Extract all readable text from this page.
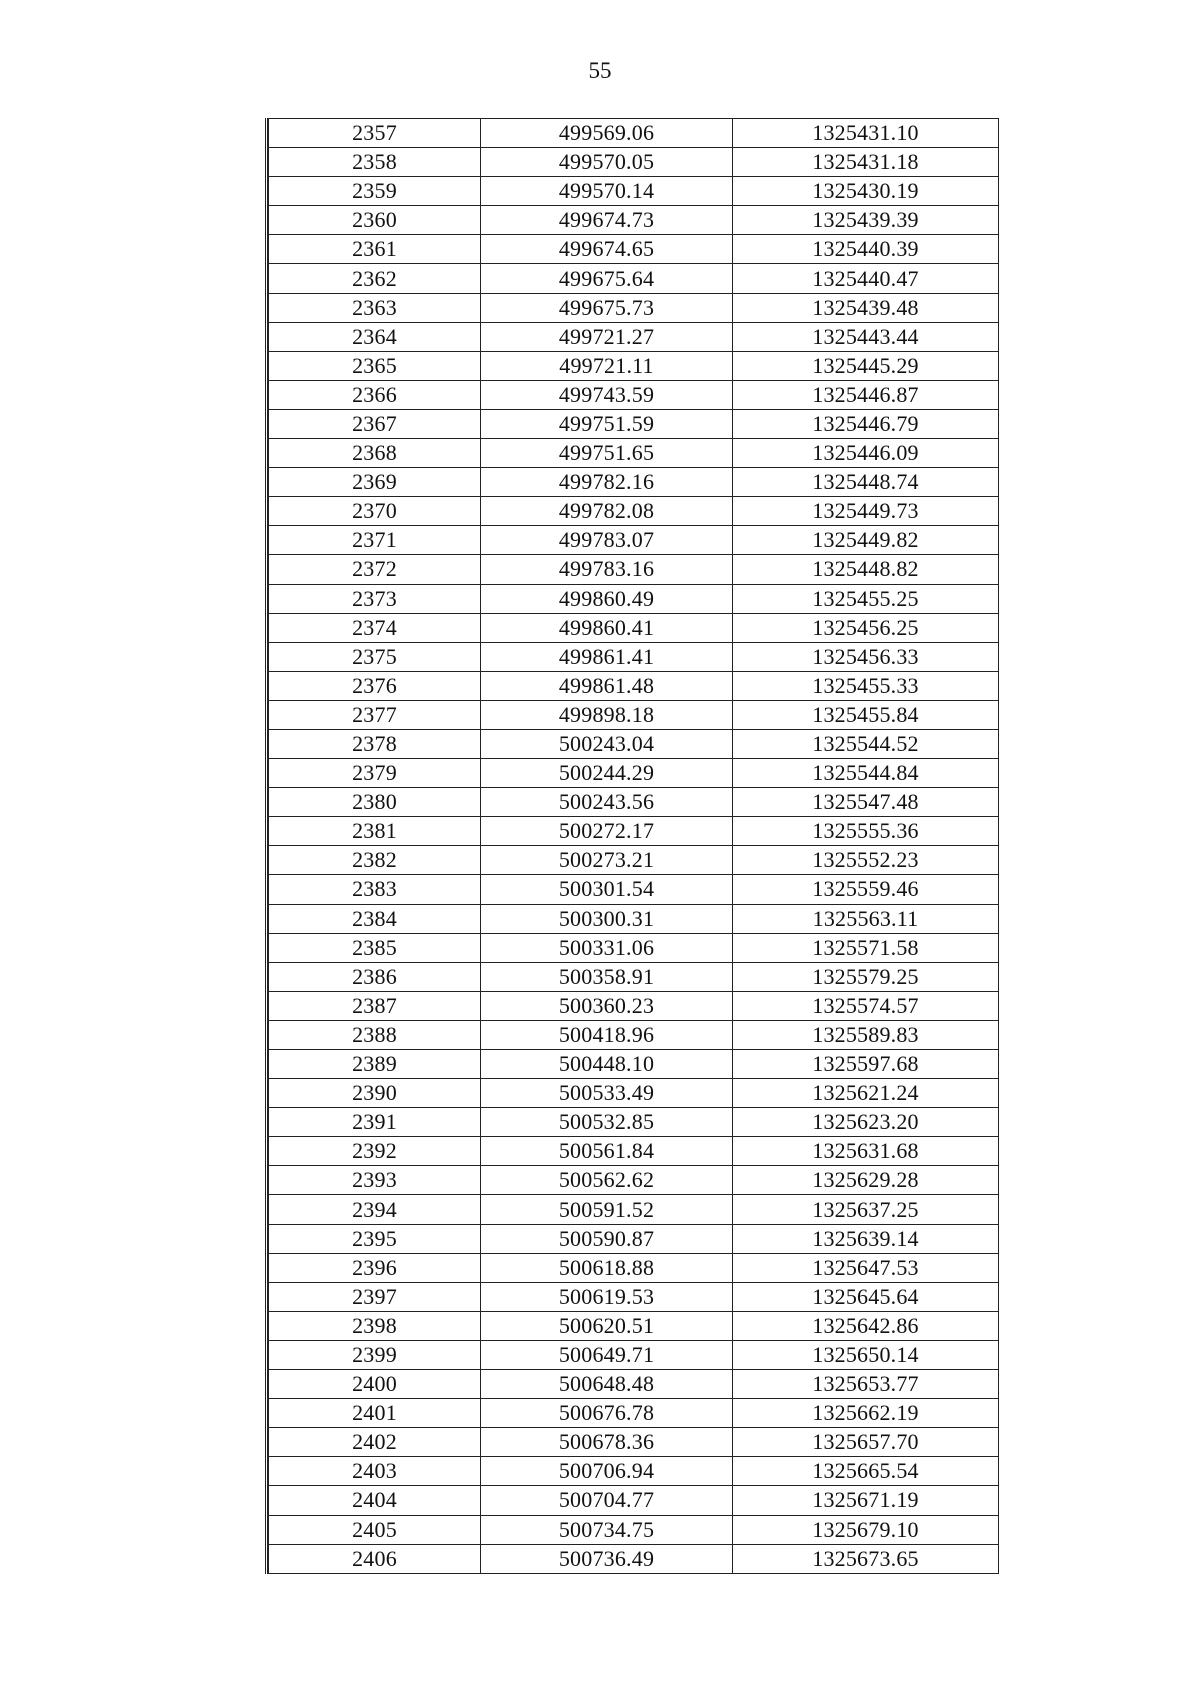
55
2357	499569.06	1325431.10
2358	499570.05	1325431.18
2359	499570.14	1325430.19
2360	499674.73	1325439.39
2361	499674.65	1325440.39
2362	499675.64	1325440.47
2363	499675.73	1325439.48
2364	499721.27	1325443.44
2365	499721.11	1325445.29
2366	499743.59	1325446.87
2367	499751.59	1325446.79
2368	499751.65	1325446.09
2369	499782.16	1325448.74
2370	499782.08	1325449.73
2371	499783.07	1325449.82
2372	499783.16	1325448.82
2373	499860.49	1325455.25
2374	499860.41	1325456.25
2375	499861.41	1325456.33
2376	499861.48	1325455.33
2377	499898.18	1325455.84
2378	500243.04	1325544.52
2379	500244.29	1325544.84
2380	500243.56	1325547.48
2381	500272.17	1325555.36
2382	500273.21	1325552.23
2383	500301.54	1325559.46
2384	500300.31	1325563.11
2385	500331.06	1325571.58
2386	500358.91	1325579.25
2387	500360.23	1325574.57
2388	500418.96	1325589.83
2389	500448.10	1325597.68
2390	500533.49	1325621.24
2391	500532.85	1325623.20
2392	500561.84	1325631.68
2393	500562.62	1325629.28
2394	500591.52	1325637.25
2395	500590.87	1325639.14
2396	500618.88	1325647.53
2397	500619.53	1325645.64
2398	500620.51	1325642.86
2399	500649.71	1325650.14
2400	500648.48	1325653.77
2401	500676.78	1325662.19
2402	500678.36	1325657.70
2403	500706.94	1325665.54
2404	500704.77	1325671.19
2405	500734.75	1325679.10
2406	500736.49	1325673.65
